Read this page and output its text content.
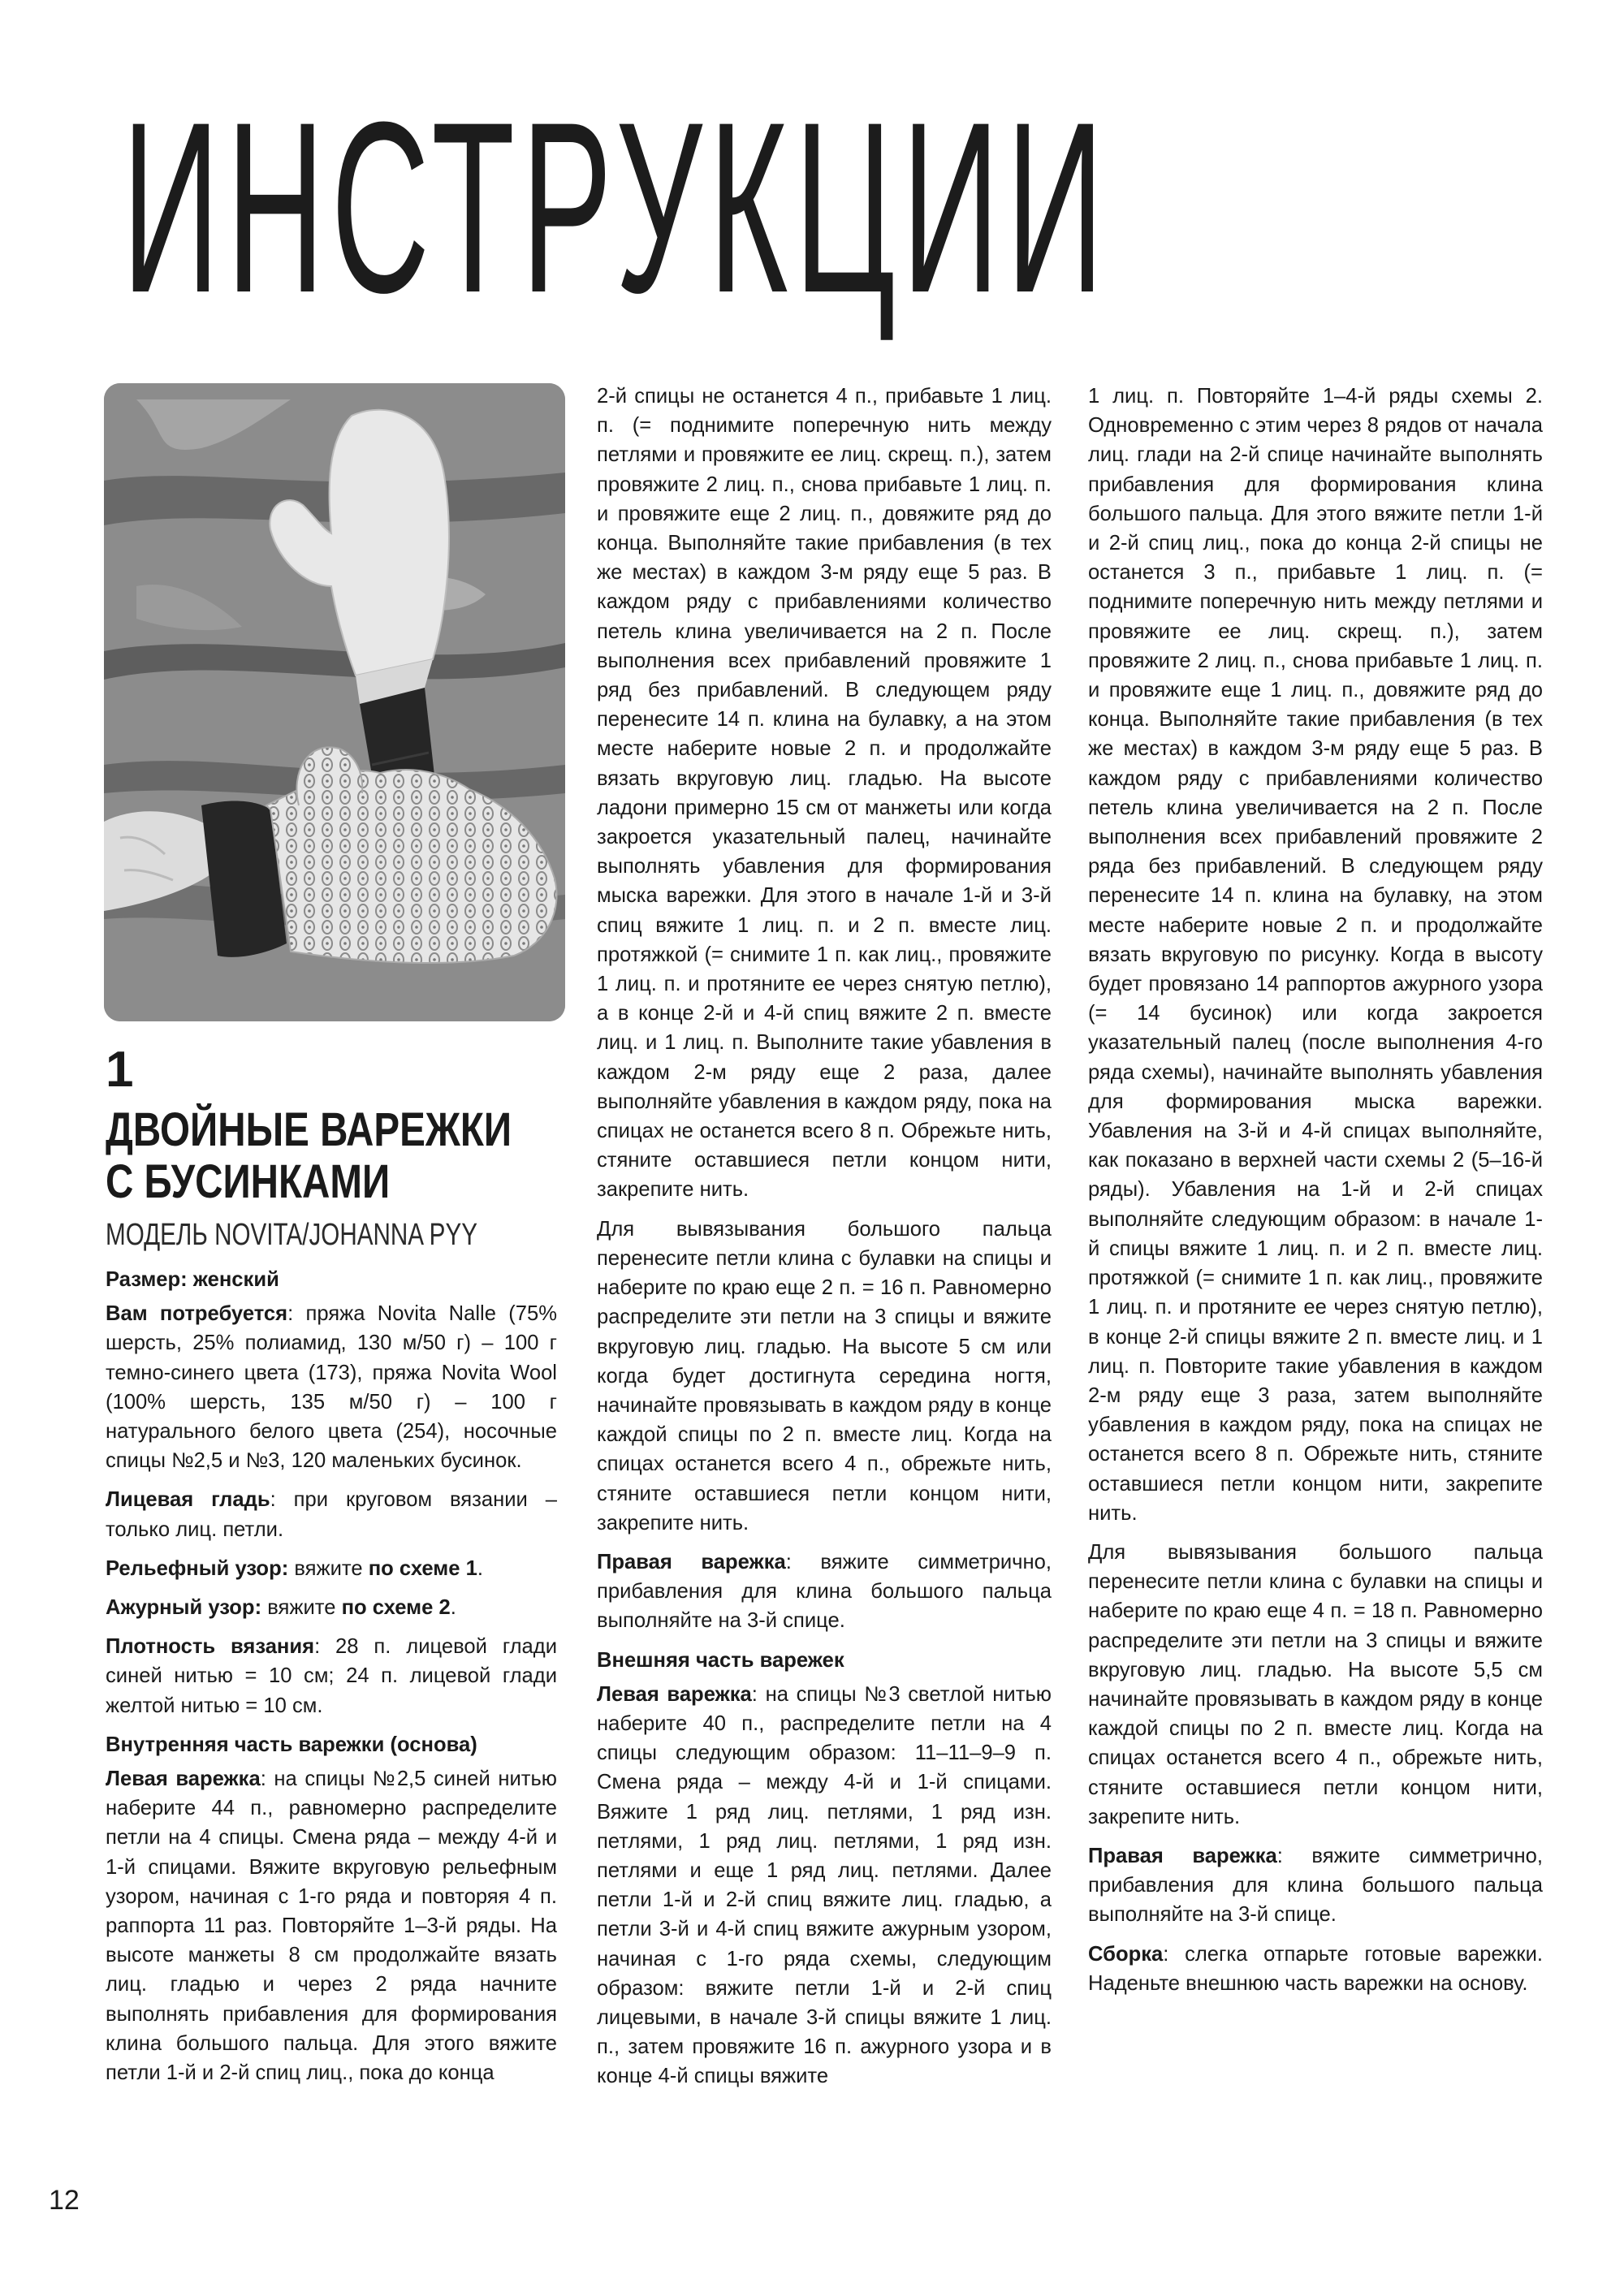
ИНСТРУКЦИИ
1
ДВОЙНЫЕ ВАРЕЖКИ
С БУСИНКАМИ
МОДЕЛЬ NOVITA/JOHANNA PYY

Размер: женский

Вам потребуется: пряжа Novita Nalle (75% шерсть, 25% полиамид, 130 м/50 г) – 100 г темно-синего цвета (173), пряжа Novita Wool (100% шерсть, 135 м/50 г) – 100 г натурального белого цвета (254), носочные спицы №2,5 и №3, 120 маленьких бусинок.

Лицевая гладь: при круговом вязании – только лиц. петли.

Рельефный узор: вяжите по схеме 1.

Ажурный узор: вяжите по схеме 2.

Плотность вязания: 28 п. лицевой глади синей нитью = 10 см; 24 п. лицевой глади желтой нитью = 10 см.

Внутренняя часть варежки (основа)

Левая варежка: на спицы №2,5 синей нитью наберите 44 п., равномерно распределите петли на 4 спицы. Смена ряда – между 4-й и 1-й спицами. Вяжите вкруговую рельефным узором, начиная с 1-го ряда и повторяя 4 п. раппорта 11 раз. Повторяйте 1–3-й ряды. На высоте манжеты 8 см продолжайте вязать лиц. гладью и через 2 ряда начните выполнять прибавления для формирования клина большого пальца. Для этого вяжите петли 1-й и 2-й спиц лиц., пока до конца

2-й спицы не останется 4 п., прибавьте 1 лиц. п. (= поднимите поперечную нить между петлями и провяжите ее лиц. скрещ. п.), затем провяжите 2 лиц. п., снова прибавьте 1 лиц. п. и провяжите еще 2 лиц. п., довяжите ряд до конца. Выполняйте такие прибавления (в тех же местах) в каждом 3-м ряду еще 5 раз. В каждом ряду с прибавлениями количество петель клина увеличивается на 2 п. После выполнения всех прибавлений провяжите 1 ряд без прибавлений. В следующем ряду перенесите 14 п. клина на булавку, а на этом месте наберите новые 2 п. и продолжайте вязать вкруговую лиц. гладью. На высоте ладони примерно 15 см от манжеты или когда закроется указательный палец, начинайте выполнять убавления для формирования мыска варежки. Для этого в начале 1-й и 3-й спиц вяжите 1 лиц. п. и 2 п. вместе лиц. протяжкой (= снимите 1 п. как лиц., провяжите 1 лиц. п. и протяните ее через снятую петлю), а в конце 2-й и 4-й спиц вяжите 2 п. вместе лиц. и 1 лиц. п. Выполните такие убавления в каждом 2-м ряду еще 2 раза, далее выполняйте убавления в каждом ряду, пока на спицах не останется всего 8 п. Обрежьте нить, стяните оставшиеся петли концом нити, закрепите нить.

Для вывязывания большого пальца перенесите петли клина с булавки на спицы и наберите по краю еще 2 п. = 16 п. Равномерно распределите эти петли на 3 спицы и вяжите вкруговую лиц. гладью. На высоте 5 см или когда будет достигнута середина ногтя, начинайте провязывать в каждом ряду в конце каждой спицы по 2 п. вместе лиц. Когда на спицах останется всего 4 п., обрежьте нить, стяните оставшиеся петли концом нити, закрепите нить.

Правая варежка: вяжите симметрично, прибавления для клина большого пальца выполняйте на 3-й спице.

Внешняя часть варежек

Левая варежка: на спицы №3 светлой нитью наберите 40 п., распределите петли на 4 спицы следующим образом: 11–11–9–9 п. Смена ряда – между 4-й и 1-й спицами. Вяжите 1 ряд лиц. петлями, 1 ряд изн. петлями, 1 ряд лиц. петлями, 1 ряд изн. петлями и еще 1 ряд лиц. петлями. Далее петли 1-й и 2-й спиц вяжите лиц. гладью, а петли 3-й и 4-й спиц вяжите ажурным узором, начиная с 1-го ряда схемы, следующим образом: вяжите петли 1-й и 2-й спиц лицевыми, в начале 3-й спицы вяжите 1 лиц. п., затем провяжите 16 п. ажурного узора и в конце 4-й спицы вяжите

1 лиц. п. Повторяйте 1–4-й ряды схемы 2. Одновременно с этим через 8 рядов от начала лиц. глади на 2-й спице начинайте выполнять прибавления для формирования клина большого пальца. Для этого вяжите петли 1-й и 2-й спиц лиц., пока до конца 2-й спицы не останется 3 п., прибавьте 1 лиц. п. (= поднимите поперечную нить между петлями и провяжите ее лиц. скрещ. п.), затем провяжите 2 лиц. п., снова прибавьте 1 лиц. п. и провяжите еще 1 лиц. п., довяжите ряд до конца. Выполняйте такие прибавления (в тех же местах) в каждом 3-м ряду еще 5 раз. В каждом ряду с прибавлениями количество петель клина увеличивается на 2 п. После выполнения всех прибавлений провяжите 2 ряда без прибавлений. В следующем ряду перенесите 14 п. клина на булавку, на этом месте наберите новые 2 п. и продолжайте вязать вкруговую по рисунку. Когда в высоту будет провязано 14 раппортов ажурного узора (= 14 бусинок) или когда закроется указательный палец (после выполнения 4-го ряда схемы), начинайте выполнять убавления для формирования мыска варежки. Убавления на 3-й и 4-й спицах выполняйте, как показано в верхней части схемы 2 (5–16-й ряды). Убавления на 1-й и 2-й спицах выполняйте следующим образом: в начале 1-й спицы вяжите 1 лиц. п. и 2 п. вместе лиц. протяжкой (= снимите 1 п. как лиц., провяжите 1 лиц. п. и протяните ее через снятую петлю), в конце 2-й спицы вяжите 2 п. вместе лиц. и 1 лиц. п. Повторите такие убавления в каждом 2-м ряду еще 3 раза, затем выполняйте убавления в каждом ряду, пока на спицах не останется всего 8 п. Обрежьте нить, стяните оставшиеся петли концом нити, закрепите нить.

Для вывязывания большого пальца перенесите петли клина с булавки на спицы и наберите по краю еще 4 п. = 18 п. Равномерно распределите эти петли на 3 спицы и вяжите вкруговую лиц. гладью. На высоте 5,5 см начинайте провязывать в каждом ряду в конце каждой спицы по 2 п. вместе лиц. Когда на спицах останется всего 4 п., обрежьте нить, стяните оставшиеся петли концом нити, закрепите нить.

Правая варежка: вяжите симметрично, прибавления для клина большого пальца выполняйте на 3-й спице.

Сборка: слегка отпарьте готовые варежки. Наденьте внешнюю часть варежки на основу.

12
